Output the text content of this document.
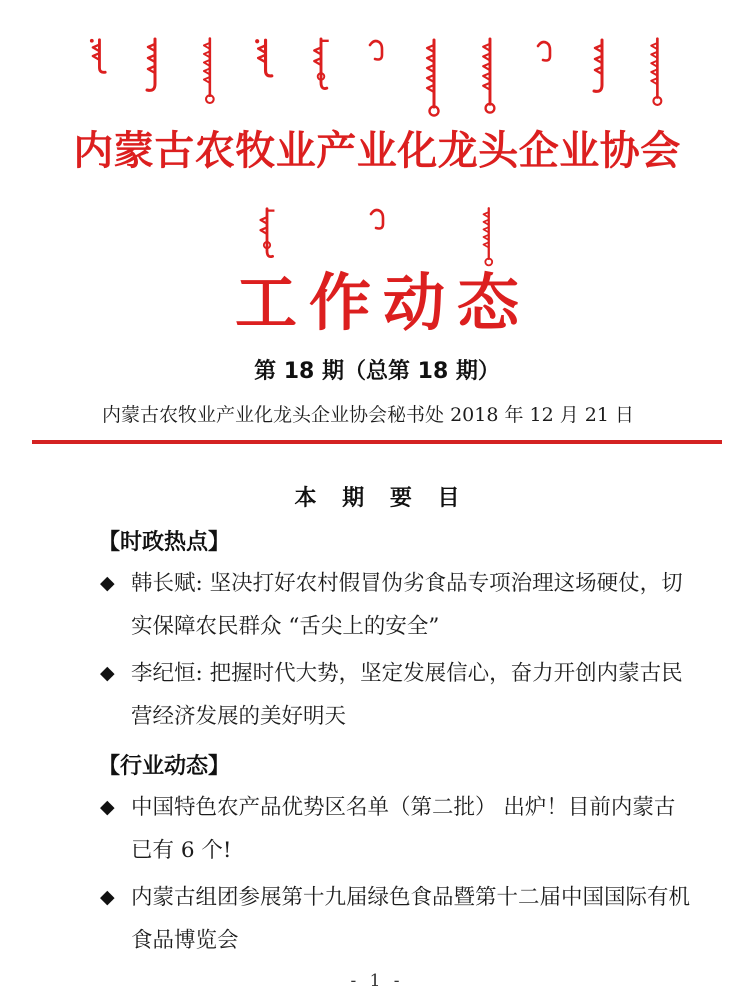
内蒙古农牧业产业化龙头企业协会
工作动态
第 18 期（总第 18 期）
内蒙古农牧业产业化龙头企业协会秘书处 2018 年 12 月 21 日
本 期 要 目
【时政热点】
◆ 韩长赋: 坚决打好农村假冒伪劣食品专项治理这场硬仗，切实保障农民群众 “舌尖上的安全”
◆ 李纪恒: 把握时代大势，坚定发展信心，奋力开创内蒙古民营经济发展的美好明天
【行业动态】
◆ 中国特色农产品优势区名单（第二批） 出炉！目前内蒙古已有 6 个!
◆ 内蒙古组团参展第十九届绿色食品暨第十二届中国国际有机食品博览会
- 1 -
